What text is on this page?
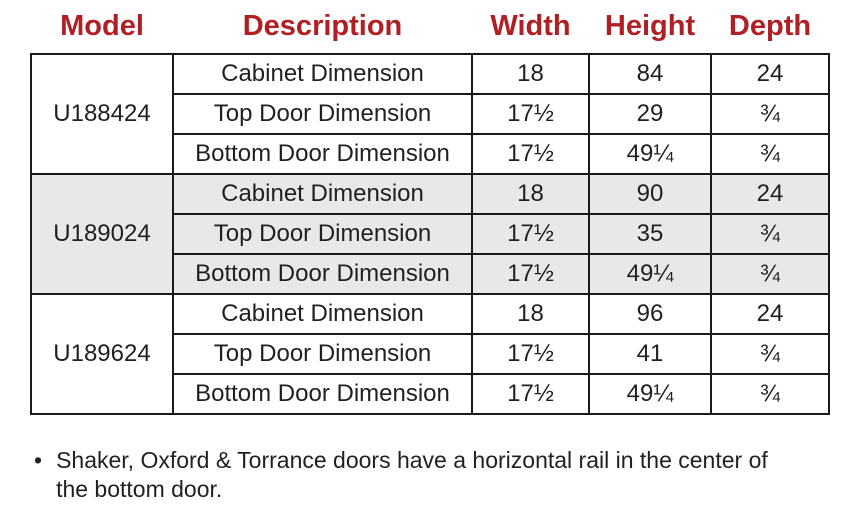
Model	Description	Width	Height	Depth
U188424	Cabinet Dimension	18	84	24
	Top Door Dimension	17½	29	¾
	Bottom Door Dimension	17½	49¼	¾
U189024	Cabinet Dimension	18	90	24
	Top Door Dimension	17½	35	¾
	Bottom Door Dimension	17½	49¼	¾
U189624	Cabinet Dimension	18	96	24
	Top Door Dimension	17½	41	¾
	Bottom Door Dimension	17½	49¼	¾
• Shaker, Oxford & Torrance doors have a horizontal rail in the center of
the bottom door.
